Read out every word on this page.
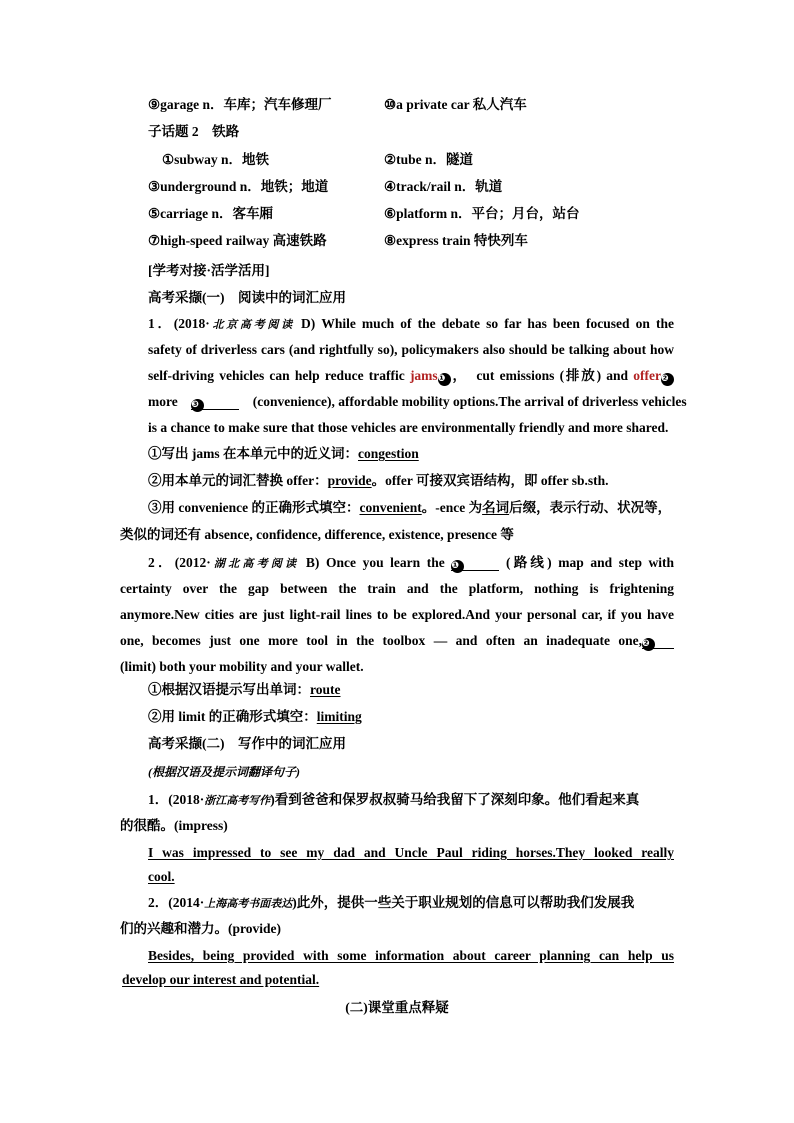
⑨garage n．车库；汽车修理厂	⑩a private car 私人汽车
子话题 2　铁路
①subway n．地铁	②tube n．隧道
③underground n．地铁；地道	④track/rail n．轨道
⑤carriage n．客车厢	⑥platform n．平台；月台，站台
⑦high-speed railway 高速铁路	⑧express train 特快列车
[学考对接·活学活用]
高考采撷(一)　阅读中的词汇应用
1．(2018·北京高考阅读 D) While much of the debate so far has been focused on the
safety of driverless cars (and rightfully so), policymakers also should be talking about how
self-driving vehicles can help reduce traffic jams❶ ，　cut emissions (排放) and offer❷
more　 ❸　	(convenience), affordable mobility options.The arrival of driverless vehicles
is a chance to make sure that those vehicles are environmentally friendly and more shared.
①写出 jams 在本单元中的近义词：congestion
②用本单元的词汇替换 offer：provide。offer 可接双宾语结构，即 offer sb.sth.
③用 convenience 的正确形式填空：convenient。-ence 为名词后缀，表示行动、状况等，
类似的词还有 absence, confidence, difference, existence, presence 等
2．(2012·湖北高考阅读 B) Once you learn the ❶	(路线) map and step with
certainty over the gap between the train and the platform, nothing is frightening
anymore.New cities are just light-rail lines to be explored.And your personal car, if you have
one, becomes just one more tool in the toolbox — and often an inadequate one,❷
(limit) both your mobility and your wallet.
①根据汉语提示写出单词：route
②用 limit 的正确形式填空：limiting
高考采撷(二)　写作中的词汇应用
(根据汉语及提示词翻译句子)
1．(2018·浙江高考写作)看到爸爸和保罗叔叔骑马给我留下了深刻印象。他们看起来真
的很酷。(impress)
I was impressed to see my dad and Uncle Paul riding horses.They looked really
cool.
2．(2014·上海高考书面表达)此外，提供一些关于职业规划的信息可以帮助我们发展我
们的兴趣和潜力。(provide)
Besides, being provided with some information about career planning can help us
develop our interest and potential.
(二)课堂重点释疑
